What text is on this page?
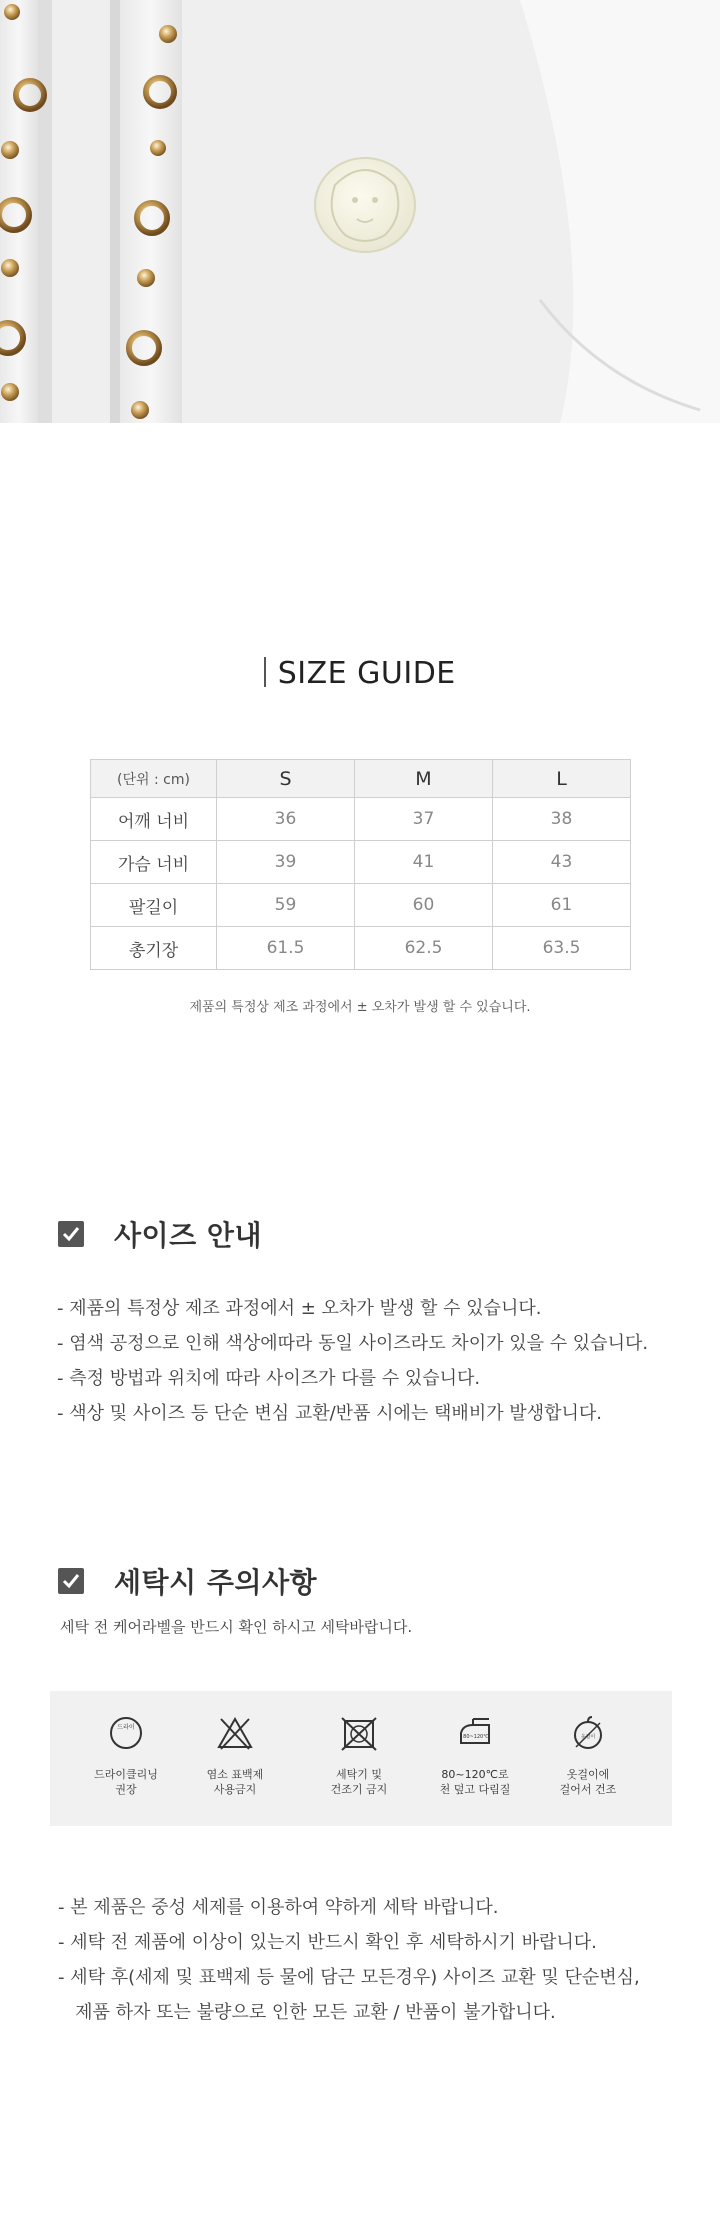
SIZE GUIDE
(단위 : cm)	S	M	L
어깨 너비	36	37	38
가슴 너비	39	41	43
팔길이	59	60	61
총기장	61.5	62.5	63.5
제품의 특정상 제조 과정에서 ± 오차가 발생 할 수 있습니다.
사이즈 안내
- 제품의 특정상 제조 과정에서 ± 오차가 발생 할 수 있습니다.
- 염색 공정으로 인해 색상에따라 동일 사이즈라도 차이가 있을 수 있습니다.
- 측정 방법과 위치에 따라 사이즈가 다를 수 있습니다.
- 색상 및 사이즈 등 단순 변심 교환/반품 시에는 택배비가 발생합니다.
세탁시 주의사항
세탁 전 케어라벨을 반드시 확인 하시고 세탁바랍니다.
드라이
드라이클리닝
권장
염소 표백제
사용금지
세탁기 및
건조기 금지
80~120℃
80~120℃로
천 덮고 다림질
옷걸이
옷걸이에
걸어서 건조
- 본 제품은 중성 세제를 이용하여 약하게 세탁 바랍니다.
- 세탁 전 제품에 이상이 있는지 반드시 확인 후 세탁하시기 바랍니다.
- 세탁 후(세제 및 표백제 등 물에 담근 모든경우) 사이즈 교환 및 단순변심,
제품 하자 또는 불량으로 인한 모든 교환 / 반품이 불가합니다.
